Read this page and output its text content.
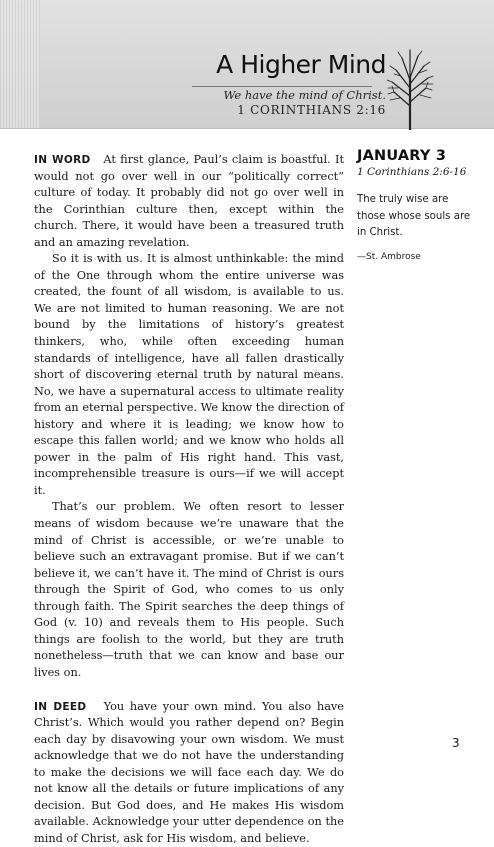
A Higher Mind

We have the mind of Christ.

1 CORINTHIANS 2:16

IN WORD At first glance, Paul’s claim is boastful. It would not go over well in our “politically correct” culture of today. It probably did not go over well in the Corinthian culture then, except within the church. There, it would have been a treasured truth and an amazing revelation.

So it is with us. It is almost unthinkable: the mind of the One through whom the entire universe was created, the fount of all wisdom, is available to us. We are not limited to human reasoning. We are not bound by the limitations of history’s greatest thinkers, who, while often exceeding human standards of intelligence, have all fallen drastically short of discovering eternal truth by natural means. No, we have a supernatural access to ultimate reality from an eternal perspective. We know the direction of history and where it is leading; we know how to escape this fallen world; and we know who holds all power in the palm of His right hand. This vast, incomprehensible treasure is ours—if we will accept it.

That’s our problem. We often resort to lesser means of wisdom because we’re unaware that the mind of Christ is accessible, or we’re unable to believe such an extravagant promise. But if we can’t believe it, we can’t have it. The mind of Christ is ours through the Spirit of God, who comes to us only through faith. The Spirit searches the deep things of God (v. 10) and reveals them to His people. Such things are foolish to the world, but they are truth nonetheless—truth that we can know and base our lives on.

IN DEED You have your own mind. You also have Christ’s. Which would you rather depend on? Begin each day by disavowing your own wisdom. We must acknowledge that we do not have the understanding to make the decisions we will face each day. We do not know all the details or future implications of any decision. But God does, and He makes His wisdom available. Acknowledge your utter dependence on the mind of Christ, ask for His wisdom, and believe.

JANUARY 3

1 Corinthians 2:6-16

The truly wise are those whose souls are in Christ.

—St. Ambrose

3
